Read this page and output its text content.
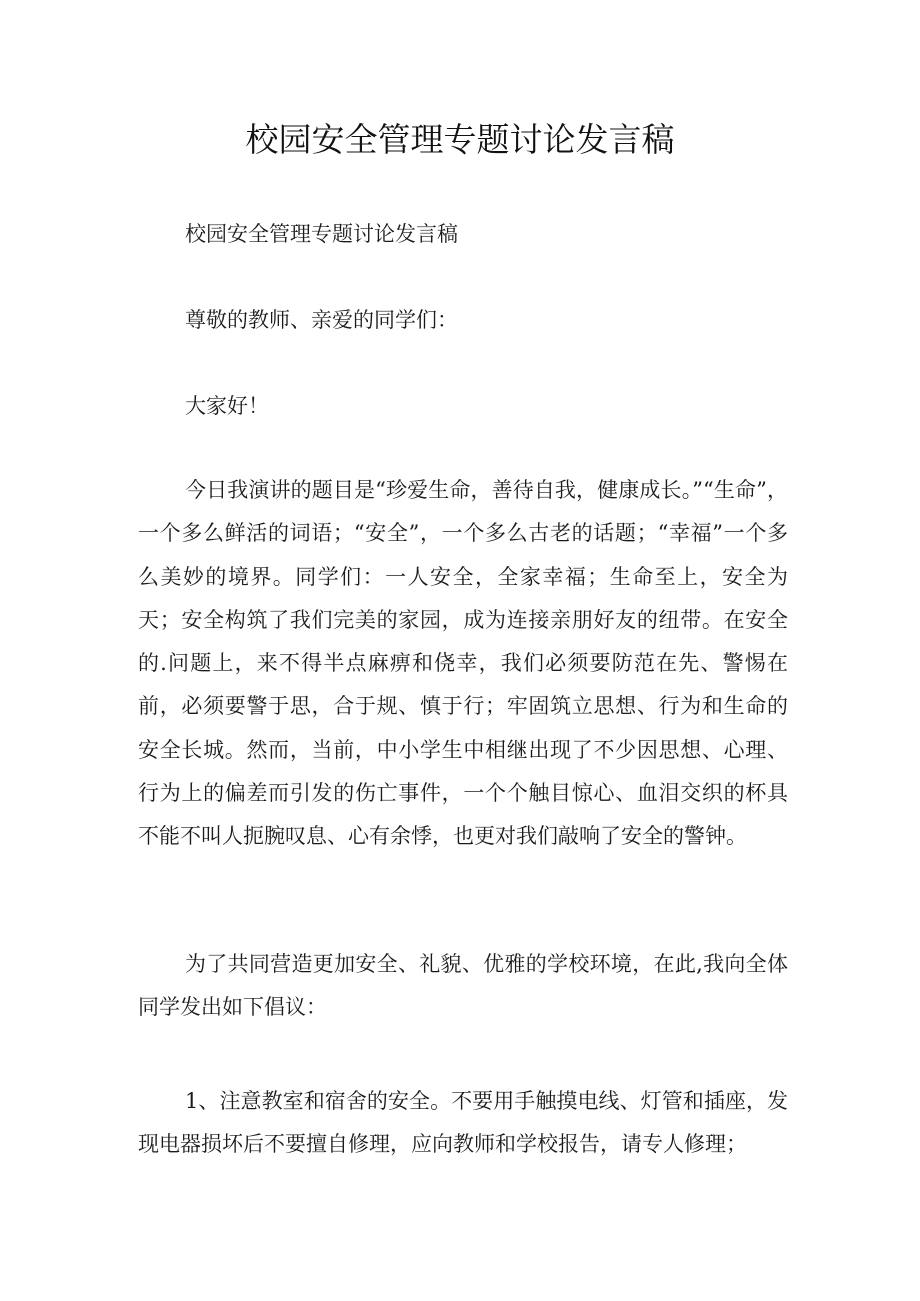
校园安全管理专题讨论发言稿

校园安全管理专题讨论发言稿

尊敬的教师、亲爱的同学们：

大家好！

今日我演讲的题目是“珍爱生命，善待自我，健康成长。”“生命”，一个多么鲜活的词语；“安全”，一个多么古老的话题；“幸福”一个多么美妙的境界。同学们：一人安全，全家幸福；生命至上，安全为天；安全构筑了我们完美的家园，成为连接亲朋好友的纽带。在安全的.问题上，来不得半点麻痹和侥幸，我们必须要防范在先、警惕在前，必须要警于思，合于规、慎于行；牢固筑立思想、行为和生命的安全长城。然而，当前，中小学生中相继出现了不少因思想、心理、行为上的偏差而引发的伤亡事件，一个个触目惊心、血泪交织的杯具不能不叫人扼腕叹息、心有余悸，也更对我们敲响了安全的警钟。

为了共同营造更加安全、礼貌、优雅的学校环境，在此,我向全体同学发出如下倡议：

1、注意教室和宿舍的安全。不要用手触摸电线、灯管和插座，发现电器损坏后不要擅自修理，应向教师和学校报告，请专人修理；
